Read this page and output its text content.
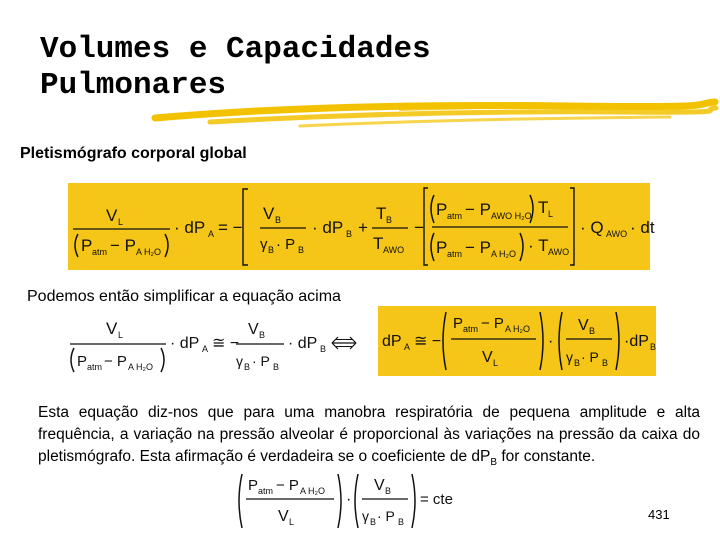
Volumes e Capacidades
Pulmonares
Pletismógrafo corporal global
V L
P atm − P A H₂O
· dP A = −
V B
γ B · P B
· dP B +
T B
T AWO
−
P atm − P AWO H₂O T L
P atm − P A H₂O · T AWO
· Q AWO · dt
Podemos então simplificar a equação acima
V L
P atm − P A H₂O
· dP A ≅ −
V B
γ B · P B
· dP B	dP A ≅ −
P atm − P A H₂O
V L
·
V B
γ B · P B
·dP B
Esta equação diz-nos que para uma manobra respiratória de pequena amplitude e alta frequência, a variação na pressão alveolar é proporcional às variações na pressão da caixa do pletismógrafo. Esta afirmação é verdadeira se o coeficiente de $dP_B$ for constante.
P atm − P A H₂O
V L
·
V B
γ B · P B
= cte
431
